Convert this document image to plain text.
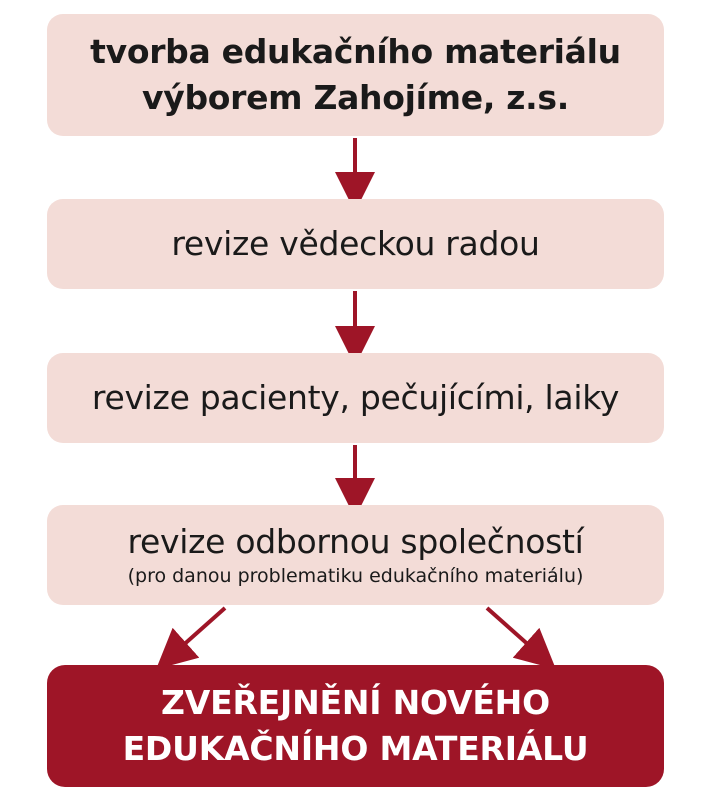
tvorba edukačního materiálu
výborem Zahojíme, z.s.
revize vědeckou radou
revize pacienty, pečujícími, laiky
revize odbornou společností
(pro danou problematiku edukačního materiálu)
ZVEŘEJNĚNÍ NOVÉHO
EDUKAČNÍHO MATERIÁLU
